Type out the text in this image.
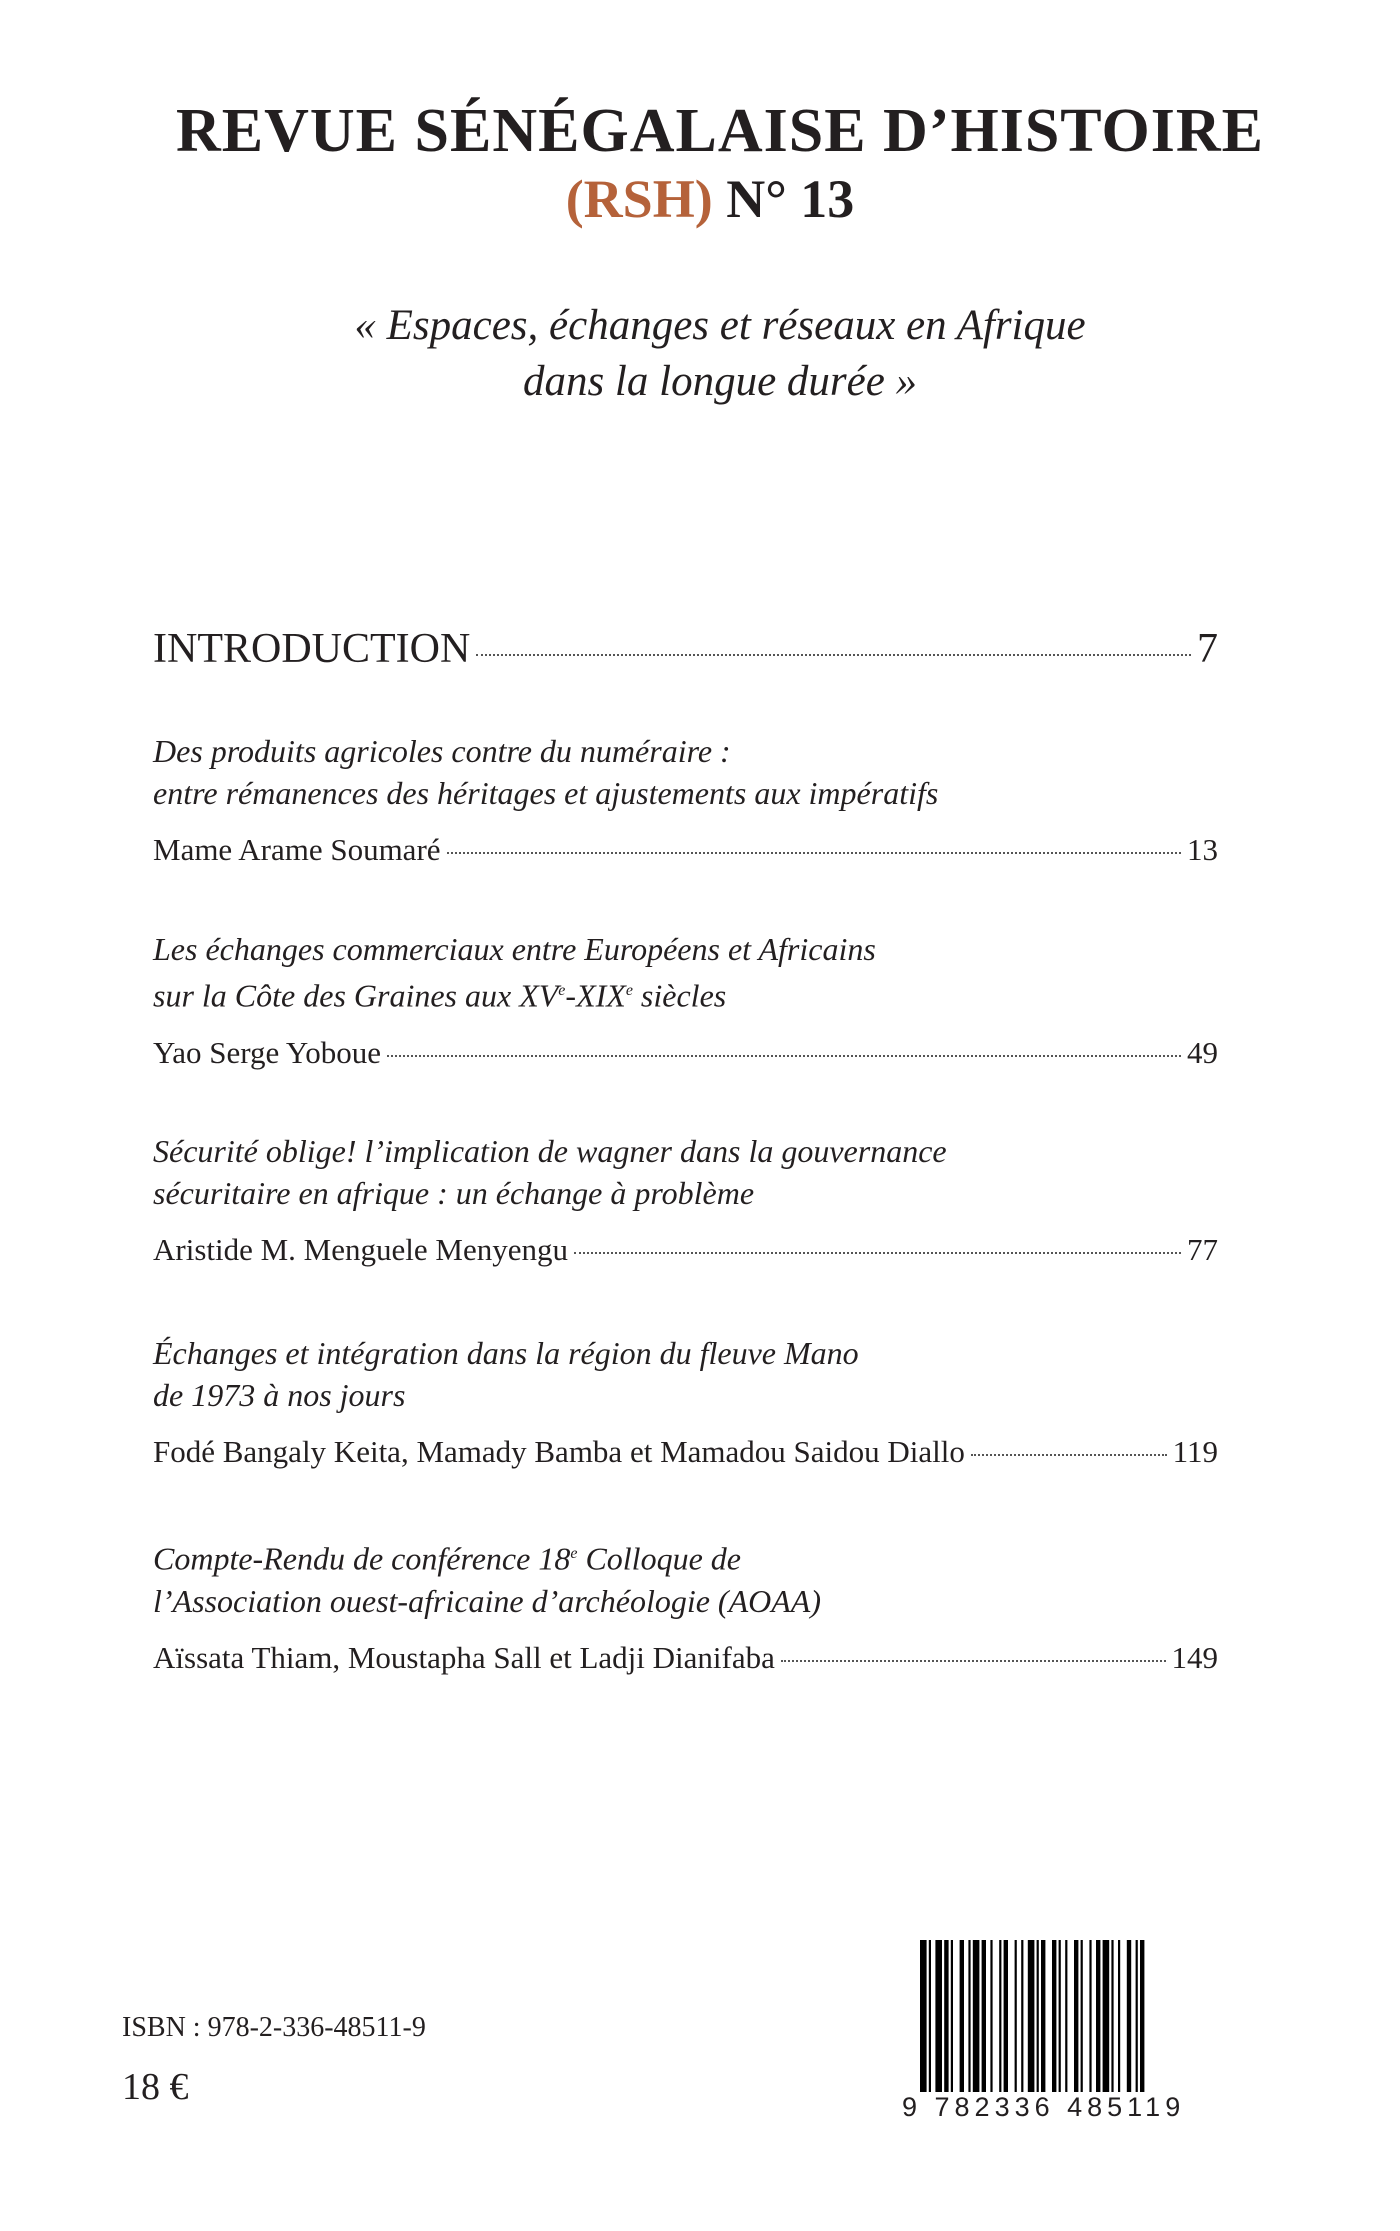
REVUE SÉNÉGALAISE D’HISTOIRE

(RSH) N° 13

« Espaces, échanges et réseaux en Afrique
dans la longue durée »
INTRODUCTION	7
Des produits agricoles contre du numéraire :
entre rémanences des héritages et ajustements aux impératifs
Mame Arame Soumaré	13
Les échanges commerciaux entre Européens et Africains
sur la Côte des Graines aux XVe-XIXe siècles
Yao Serge Yoboue	49
Sécurité oblige! l’implication de wagner dans la gouvernance
sécuritaire en afrique : un échange à problème
Aristide M. Menguele Menyengu	77
Échanges et intégration dans la région du fleuve Mano
de 1973 à nos jours
Fodé Bangaly Keita, Mamady Bamba et Mamadou Saidou Diallo	119
Compte-Rendu de conférence 18e Colloque de
l’Association ouest-africaine d’archéologie (AOAA)
Aïssata Thiam, Moustapha Sall et Ladji Dianifaba	149
ISBN : 978-2-336-48511-9
18 €	9 782336 485119
